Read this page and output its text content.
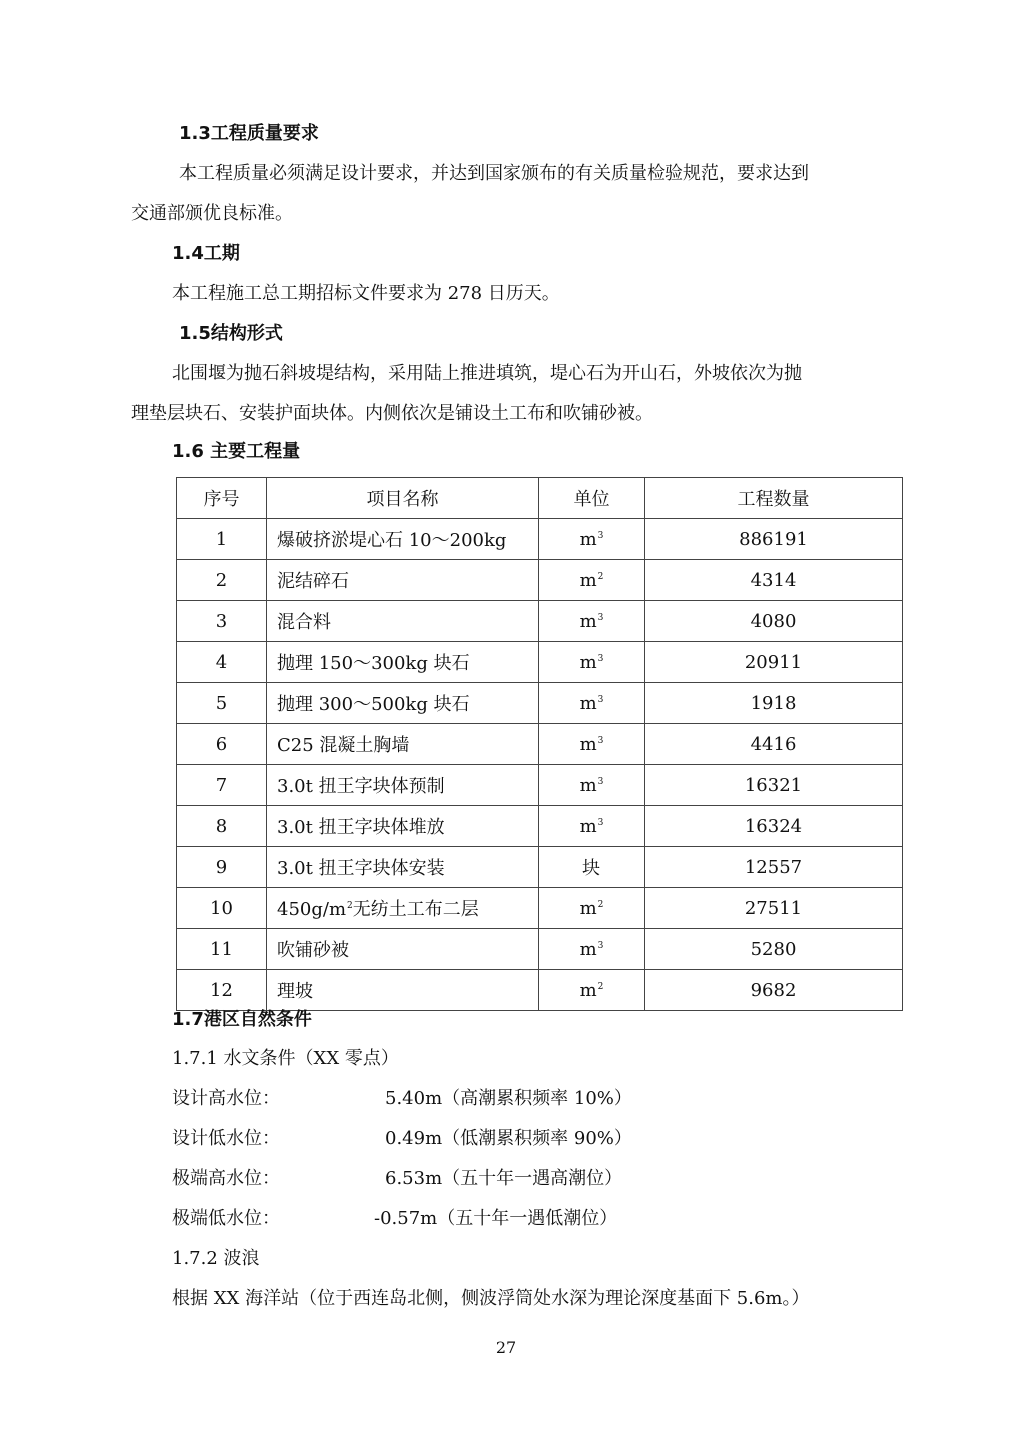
1.3工程质量要求
本工程质量必须满足设计要求，并达到国家颁布的有关质量检验规范，要求达到
交通部颁优良标准。
1.4工期
本工程施工总工期招标文件要求为 278 日历天。
1.5结构形式
北围堰为抛石斜坡堤结构，采用陆上推进填筑，堤心石为开山石，外坡依次为抛
理垫层块石、安装护面块体。内侧依次是铺设土工布和吹铺砂被。
1.6 主要工程量
序号	项目名称	单位	工程数量
1	爆破挤淤堤心石 10～200kg	$m^3$	886191
2	泥结碎石	$m^2$	4314
3	混合料	$m^3$	4080
4	抛理 150～300kg 块石	$m^3$	20911
5	抛理 300～500kg 块石	$m^3$	1918
6	C25 混凝土胸墙	$m^3$	4416
7	3.0t 扭王字块体预制	$m^3$	16321
8	3.0t 扭王字块体堆放	$m^3$	16324
9	3.0t 扭王字块体安装	块	12557
10	$450g/m^2$无纺土工布二层	$m^2$	27511
11	吹铺砂被	$m^3$	5280
12	理坡	$m^2$	9682
1.7港区自然条件
1.7.1 水文条件（XX 零点）
设计高水位：	5.40m（高潮累积频率 10%）
设计低水位：	0.49m（低潮累积频率 90%）
极端高水位：	6.53m（五十年一遇高潮位）
极端低水位：	-0.57m（五十年一遇低潮位）
1.7.2 波浪
根据 XX 海洋站（位于西连岛北侧，侧波浮筒处水深为理论深度基面下 5.6m。）
27
